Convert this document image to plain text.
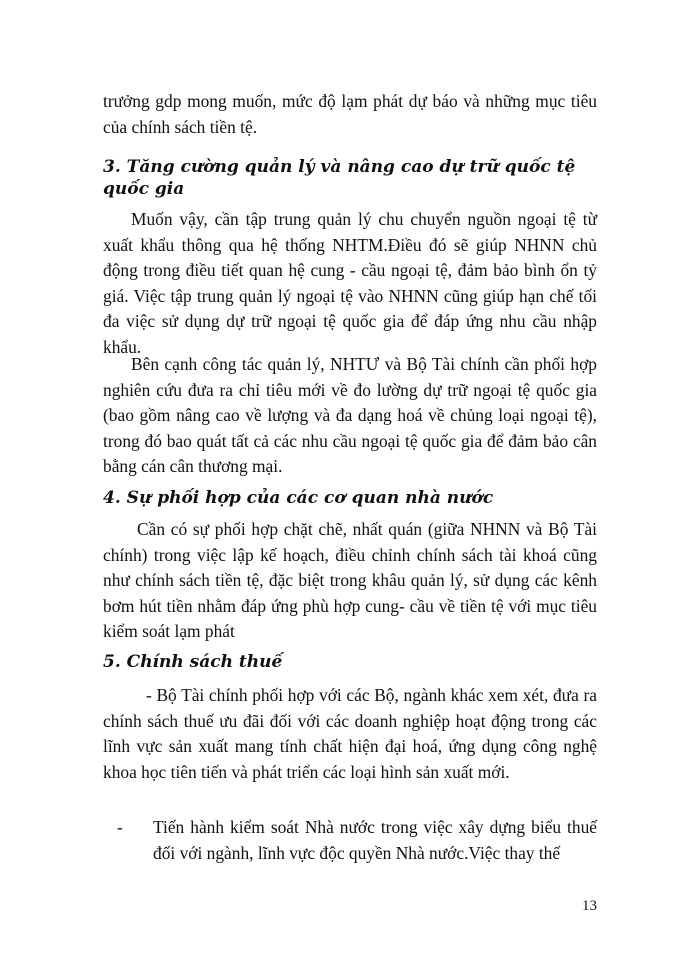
trưởng gdp mong muốn, mức độ lạm phát dự báo và những mục tiêu của chính sách tiền tệ.

3. Tăng cường quản lý và nâng cao dự trữ quốc tệ quốc gia

Muốn vậy, cần tập trung quản lý chu chuyển nguồn ngoại tệ từ xuất khẩu thông qua hệ thống NHTM.Điều đó sẽ giúp NHNN chủ động trong điều tiết quan hệ cung - cầu ngoại tệ, đảm bảo bình ổn tỷ giá. Việc tập trung quản lý ngoại tệ vào NHNN cũng giúp hạn chế tối đa việc sử dụng dự trữ ngoại tệ quốc gia để đáp ứng nhu cầu nhập khẩu.

Bên cạnh công tác quản lý, NHTƯ và Bộ Tài chính cần phối hợp nghiên cứu đưa ra chỉ tiêu mới về đo lường dự trữ ngoại tệ quốc gia (bao gồm nâng cao về lượng và đa dạng hoá về chủng loại ngoại tệ), trong đó bao quát tất cả các nhu cầu ngoại tệ quốc gia để đảm bảo cân bằng cán cân thương mại.

4. Sự phối hợp của các cơ quan nhà nước

Cần có sự phối hợp chặt chẽ, nhất quán (giữa NHNN và Bộ Tài chính) trong việc lập kế hoạch, điều chỉnh chính sách tài khoá cũng như chính sách tiền tệ, đặc biệt trong khâu quản lý, sử dụng các kênh bơm hút tiền nhằm đáp ứng phù hợp cung- cầu về tiền tệ với mục tiêu kiểm soát lạm phát

5. Chính sách thuế

- Bộ Tài chính phối hợp với các Bộ, ngành khác xem xét, đưa ra chính sách thuế ưu đãi đối với các doanh nghiệp hoạt động trong các lĩnh vực sản xuất mang tính chất hiện đại hoá, ứng dụng công nghệ khoa học tiên tiến và phát triển các loại hình sản xuất mới.

-	Tiến hành kiểm soát Nhà nước trong việc xây dựng biểu thuế đối với ngành, lĩnh vực độc quyền Nhà nước.Việc thay thế
13
